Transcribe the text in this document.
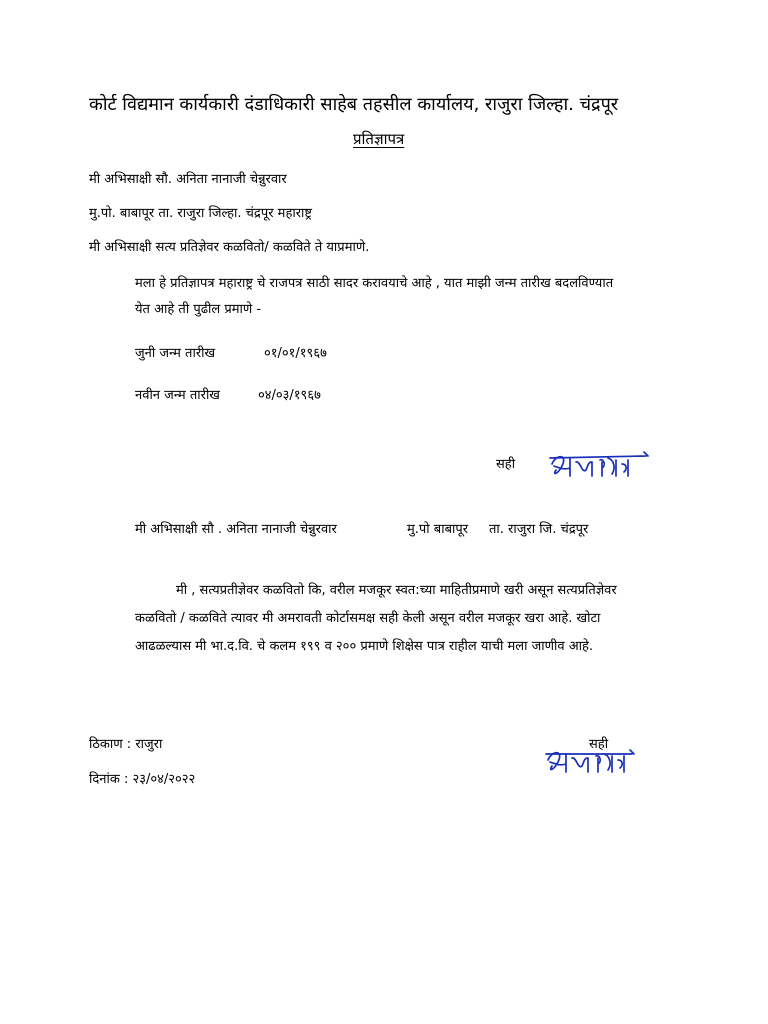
कोर्ट विद्यमान कार्यकारी दंडाधिकारी साहेब तहसील कार्यालय, राजुरा जिल्हा. चंद्रपूर
प्रतिज्ञापत्र
मी अभिसाक्षी सौ. अनिता नानाजी चेन्नुरवार
मु.पो. बाबापूर ता. राजुरा जिल्हा. चंद्रपूर महाराष्ट्र
मी अभिसाक्षी सत्य प्रतिज्ञेवर कळवितो/ कळविते ते याप्रमाणे.
मला हे प्रतिज्ञापत्र महाराष्ट्र चे राजपत्र साठी सादर करावयाचे आहे , यात माझी जन्म तारीख बदलविण्यात
येत आहे ती पुढील प्रमाणे -
जुनी जन्म तारीख	०१/०१/१९६७
नवीन जन्म तारीख	०४/०३/१९६७
सही
मी अभिसाक्षी सौ . अनिता नानाजी चेन्नुरवार	मु.पो बाबापूर ता. राजुरा जि. चंद्रपूर
मी , सत्यप्रतीज्ञेवर कळवितो कि, वरील मजकूर स्वत:च्या माहितीप्रमाणे खरी असून सत्यप्रतिज्ञेवर
कळवितो / कळविते त्यावर मी अमरावती कोर्टासमक्ष सही केली असून वरील मजकूर खरा आहे. खोटा
आढळल्यास मी भा.द.वि. चे कलम १९९ व २०० प्रमाणे शिक्षेस पात्र राहील याची मला जाणीव आहे.
ठिकाण : राजुरा	सही
दिनांक : २३/०४/२०२२
